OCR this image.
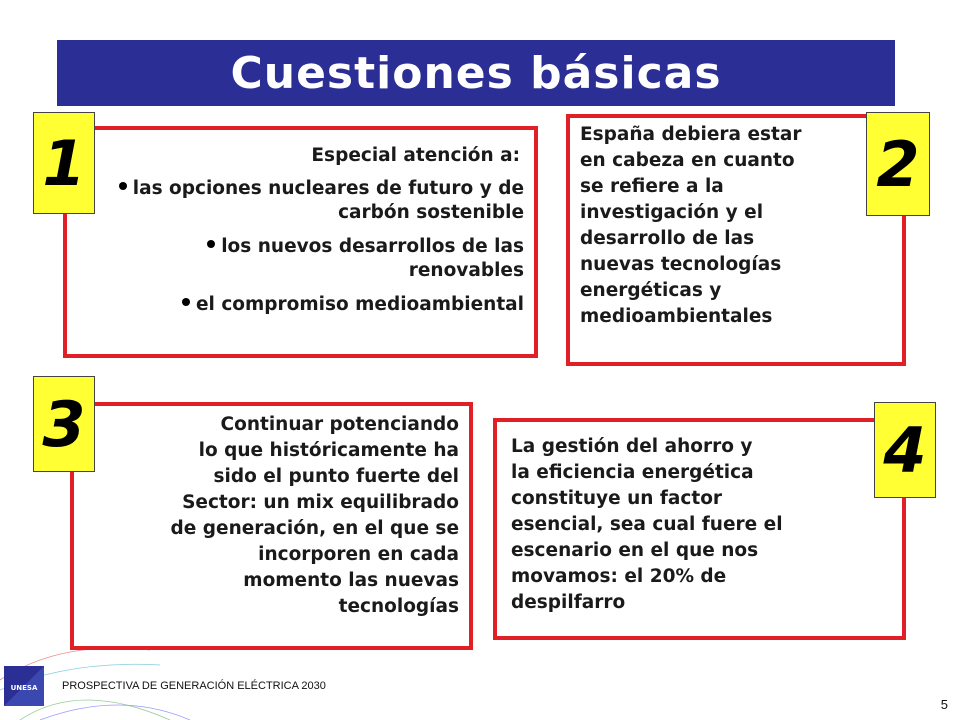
Cuestiones básicas
Especial atención a:
las opciones nucleares de futuro y de carbón sostenible
los nuevos desarrollos de las renovables
el compromiso medioambiental
España debiera estar
en cabeza en cuanto
se refiere a la
investigación y el
desarrollo de las
nuevas tecnologías
energéticas y
medioambientales
Continuar potenciando
lo que históricamente ha
sido el punto fuerte del
Sector: un mix equilibrado
de generación, en el que se
incorporen en cada
momento las nuevas
tecnologías
La gestión del ahorro y
la eficiencia energética
constituye un factor
esencial, sea cual fuere el
escenario en el que nos
movamos: el 20% de
despilfarro
1	2
3	4
UNESA PROSPECTIVA DE GENERACIÓN ELÉCTRICA 2030
5
